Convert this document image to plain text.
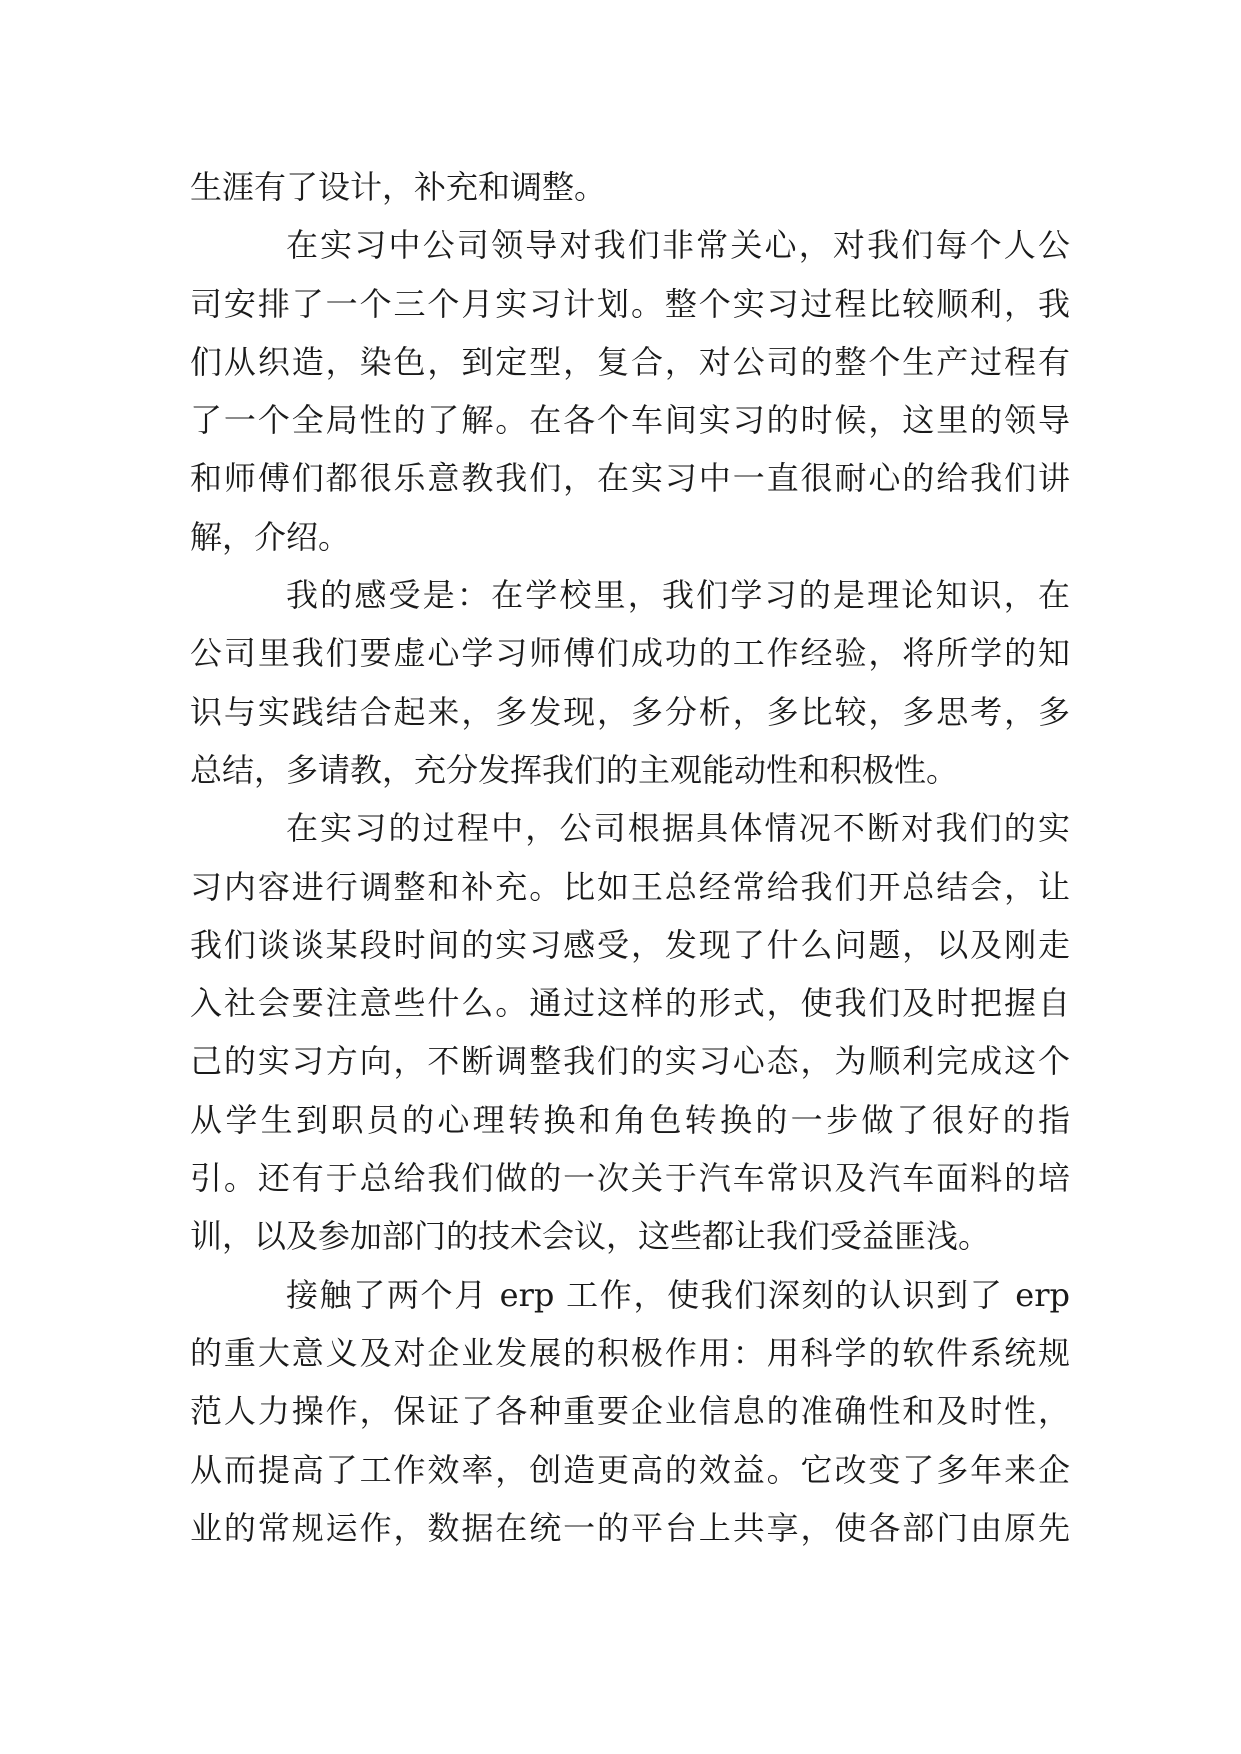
生涯有了设计，补充和调整。
在实习中公司领导对我们非常关心，对我们每个人公
司安排了一个三个月实习计划。整个实习过程比较顺利，我
们从织造，染色，到定型，复合，对公司的整个生产过程有
了一个全局性的了解。在各个车间实习的时候，这里的领导
和师傅们都很乐意教我们，在实习中一直很耐心的给我们讲
解，介绍。
我的感受是：在学校里，我们学习的是理论知识，在
公司里我们要虚心学习师傅们成功的工作经验，将所学的知
识与实践结合起来，多发现，多分析，多比较，多思考，多
总结，多请教，充分发挥我们的主观能动性和积极性。
在实习的过程中，公司根据具体情况不断对我们的实
习内容进行调整和补充。比如王总经常给我们开总结会，让
我们谈谈某段时间的实习感受，发现了什么问题，以及刚走
入社会要注意些什么。通过这样的形式，使我们及时把握自
己的实习方向，不断调整我们的实习心态，为顺利完成这个
从学生到职员的心理转换和角色转换的一步做了很好的指
引。还有于总给我们做的一次关于汽车常识及汽车面料的培
训，以及参加部门的技术会议，这些都让我们受益匪浅。
接触了两个月 erp 工作，使我们深刻的认识到了 erp
的重大意义及对企业发展的积极作用：用科学的软件系统规
范人力操作，保证了各种重要企业信息的准确性和及时性，
从而提高了工作效率，创造更高的效益。它改变了多年来企
业的常规运作，数据在统一的平台上共享，使各部门由原先
